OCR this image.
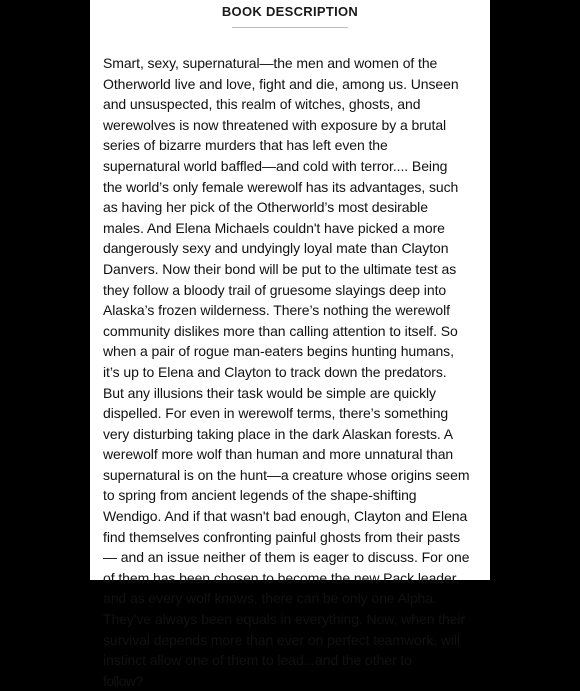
BOOK DESCRIPTION
Smart, sexy, supernatural—the men and women of the
Otherworld live and love, fight and die, among us. Unseen
and unsuspected, this realm of witches, ghosts, and
werewolves is now threatened with exposure by a brutal
series of bizarre murders that has left even the
supernatural world baffled—and cold with terror.... Being
the world’s only female werewolf has its advantages, such
as having her pick of the Otherworld’s most desirable
males. And Elena Michaels couldn't have picked a more
dangerously sexy and undyingly loyal mate than Clayton
Danvers. Now their bond will be put to the ultimate test as
they follow a bloody trail of gruesome slayings deep into
Alaska’s frozen wilderness. There’s nothing the werewolf
community dislikes more than calling attention to itself. So
when a pair of rogue man-eaters begins hunting humans,
it’s up to Elena and Clayton to track down the predators.
But any illusions their task would be simple are quickly
dispelled. For even in werewolf terms, there’s something
very disturbing taking place in the dark Alaskan forests. A
werewolf more wolf than human and more unnatural than
supernatural is on the hunt—a creature whose origins seem
to spring from ancient legends of the shape-shifting
Wendigo. And if that wasn't bad enough, Clayton and Elena
find themselves confronting painful ghosts from their pasts
— and an issue neither of them is eager to discuss. For one
of them has been chosen to become the new Pack leader,
and as every wolf knows, there can be only one Alpha.
They've always been equals in everything. Now, when their
survival depends more than ever on perfect teamwork, will
instinct allow one of them to lead...and the other to
follow?
